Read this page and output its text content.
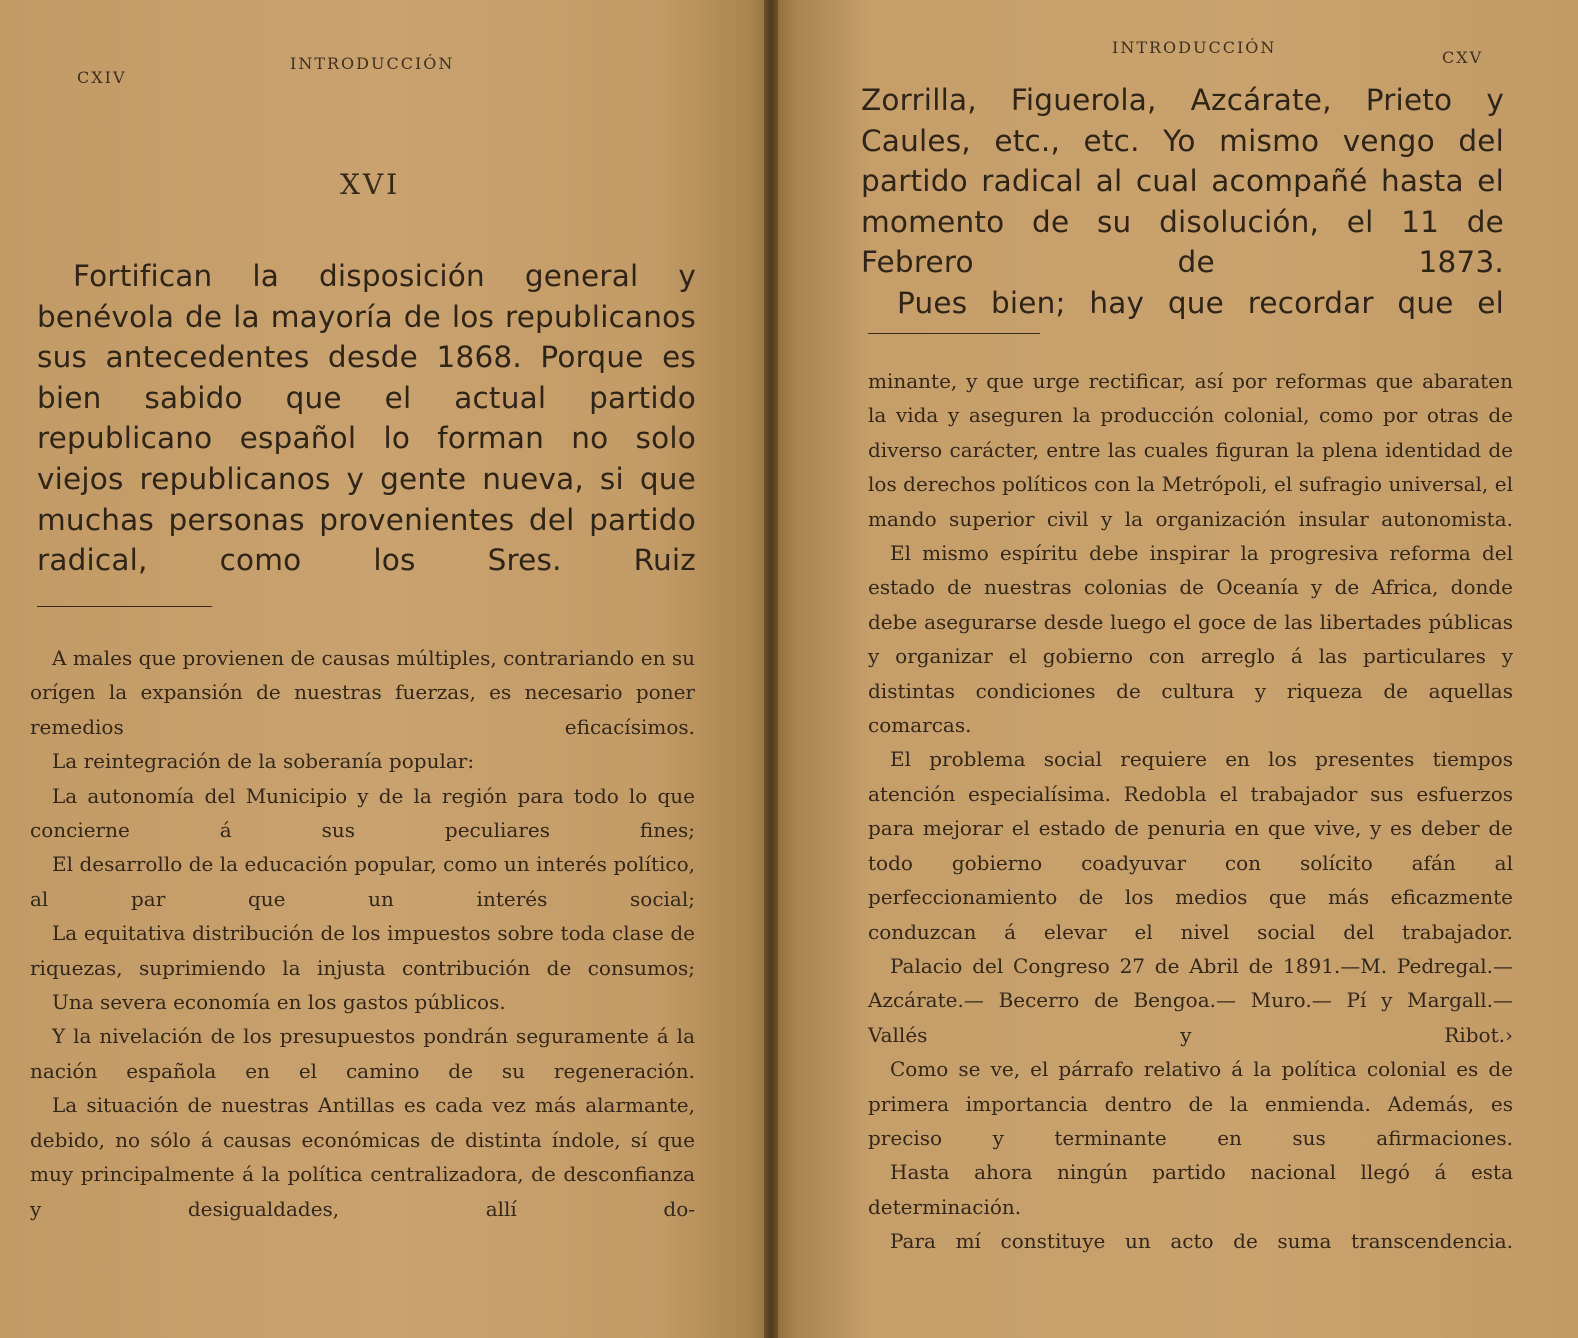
CXIV

INTRODUCCIÓN

XVI

Fortifican la disposición general y benévola de la mayoría de los republicanos sus antecedentes desde 1868. Porque es bien sabido que el actual partido republicano español lo forman no solo viejos republicanos y gente nueva, si que muchas personas provenientes del partido radical, como los Sres. Ruiz

A males que provienen de causas múltiples, contrariando en su orígen la expansión de nuestras fuerzas, es necesario poner remedios eficacísimos.

La reintegración de la soberanía popular:

La autonomía del Municipio y de la región para todo lo que concierne á sus peculiares fines;

El desarrollo de la educación popular, como un interés político, al par que un interés social;

La equitativa distribución de los impuestos sobre toda clase de riquezas, suprimiendo la injusta contribución de consumos;

Una severa economía en los gastos públicos.

Y la nivelación de los presupuestos pondrán seguramente á la nación española en el camino de su regeneración.

La situación de nuestras Antillas es cada vez más alarmante, debido, no sólo á causas económicas de distinta índole, sí que muy principalmente á la política centralizadora, de desconfianza y desigualdades, allí do-

INTRODUCCIÓN

CXV

Zorrilla, Figuerola, Azcárate, Prieto y Caules, etc., etc. Yo mismo vengo del partido radical al cual acompañé hasta el momento de su disolución, el 11 de Febrero de 1873.

Pues bien; hay que recordar que el

minante, y que urge rectificar, así por reformas que abaraten la vida y aseguren la producción colonial, como por otras de diverso carácter, entre las cuales figuran la plena identidad de los derechos políticos con la Metrópoli, el sufragio universal, el mando superior civil y la organización insular autonomista.

El mismo espíritu debe inspirar la progresiva reforma del estado de nuestras colonias de Oceanía y de Africa, donde debe asegurarse desde luego el goce de las libertades públicas y organizar el gobierno con arreglo á las particulares y distintas condiciones de cultura y riqueza de aquellas comarcas.

El problema social requiere en los presentes tiempos atención especialísima. Redobla el trabajador sus esfuerzos para mejorar el estado de penuria en que vive, y es deber de todo gobierno coadyuvar con solícito afán al perfeccionamiento de los medios que más eficazmente conduzcan á elevar el nivel social del trabajador.

Palacio del Congreso 27 de Abril de 1891.—M. Pedregal.— Azcárate.— Becerro de Bengoa.— Muro.— Pí y Margall.—Vallés y Ribot.›

Como se ve, el párrafo relativo á la política colonial es de primera importancia dentro de la enmienda. Además, es preciso y terminante en sus afirmaciones.

Hasta ahora ningún partido nacional llegó á esta determinación.

Para mí constituye un acto de suma transcendencia.
